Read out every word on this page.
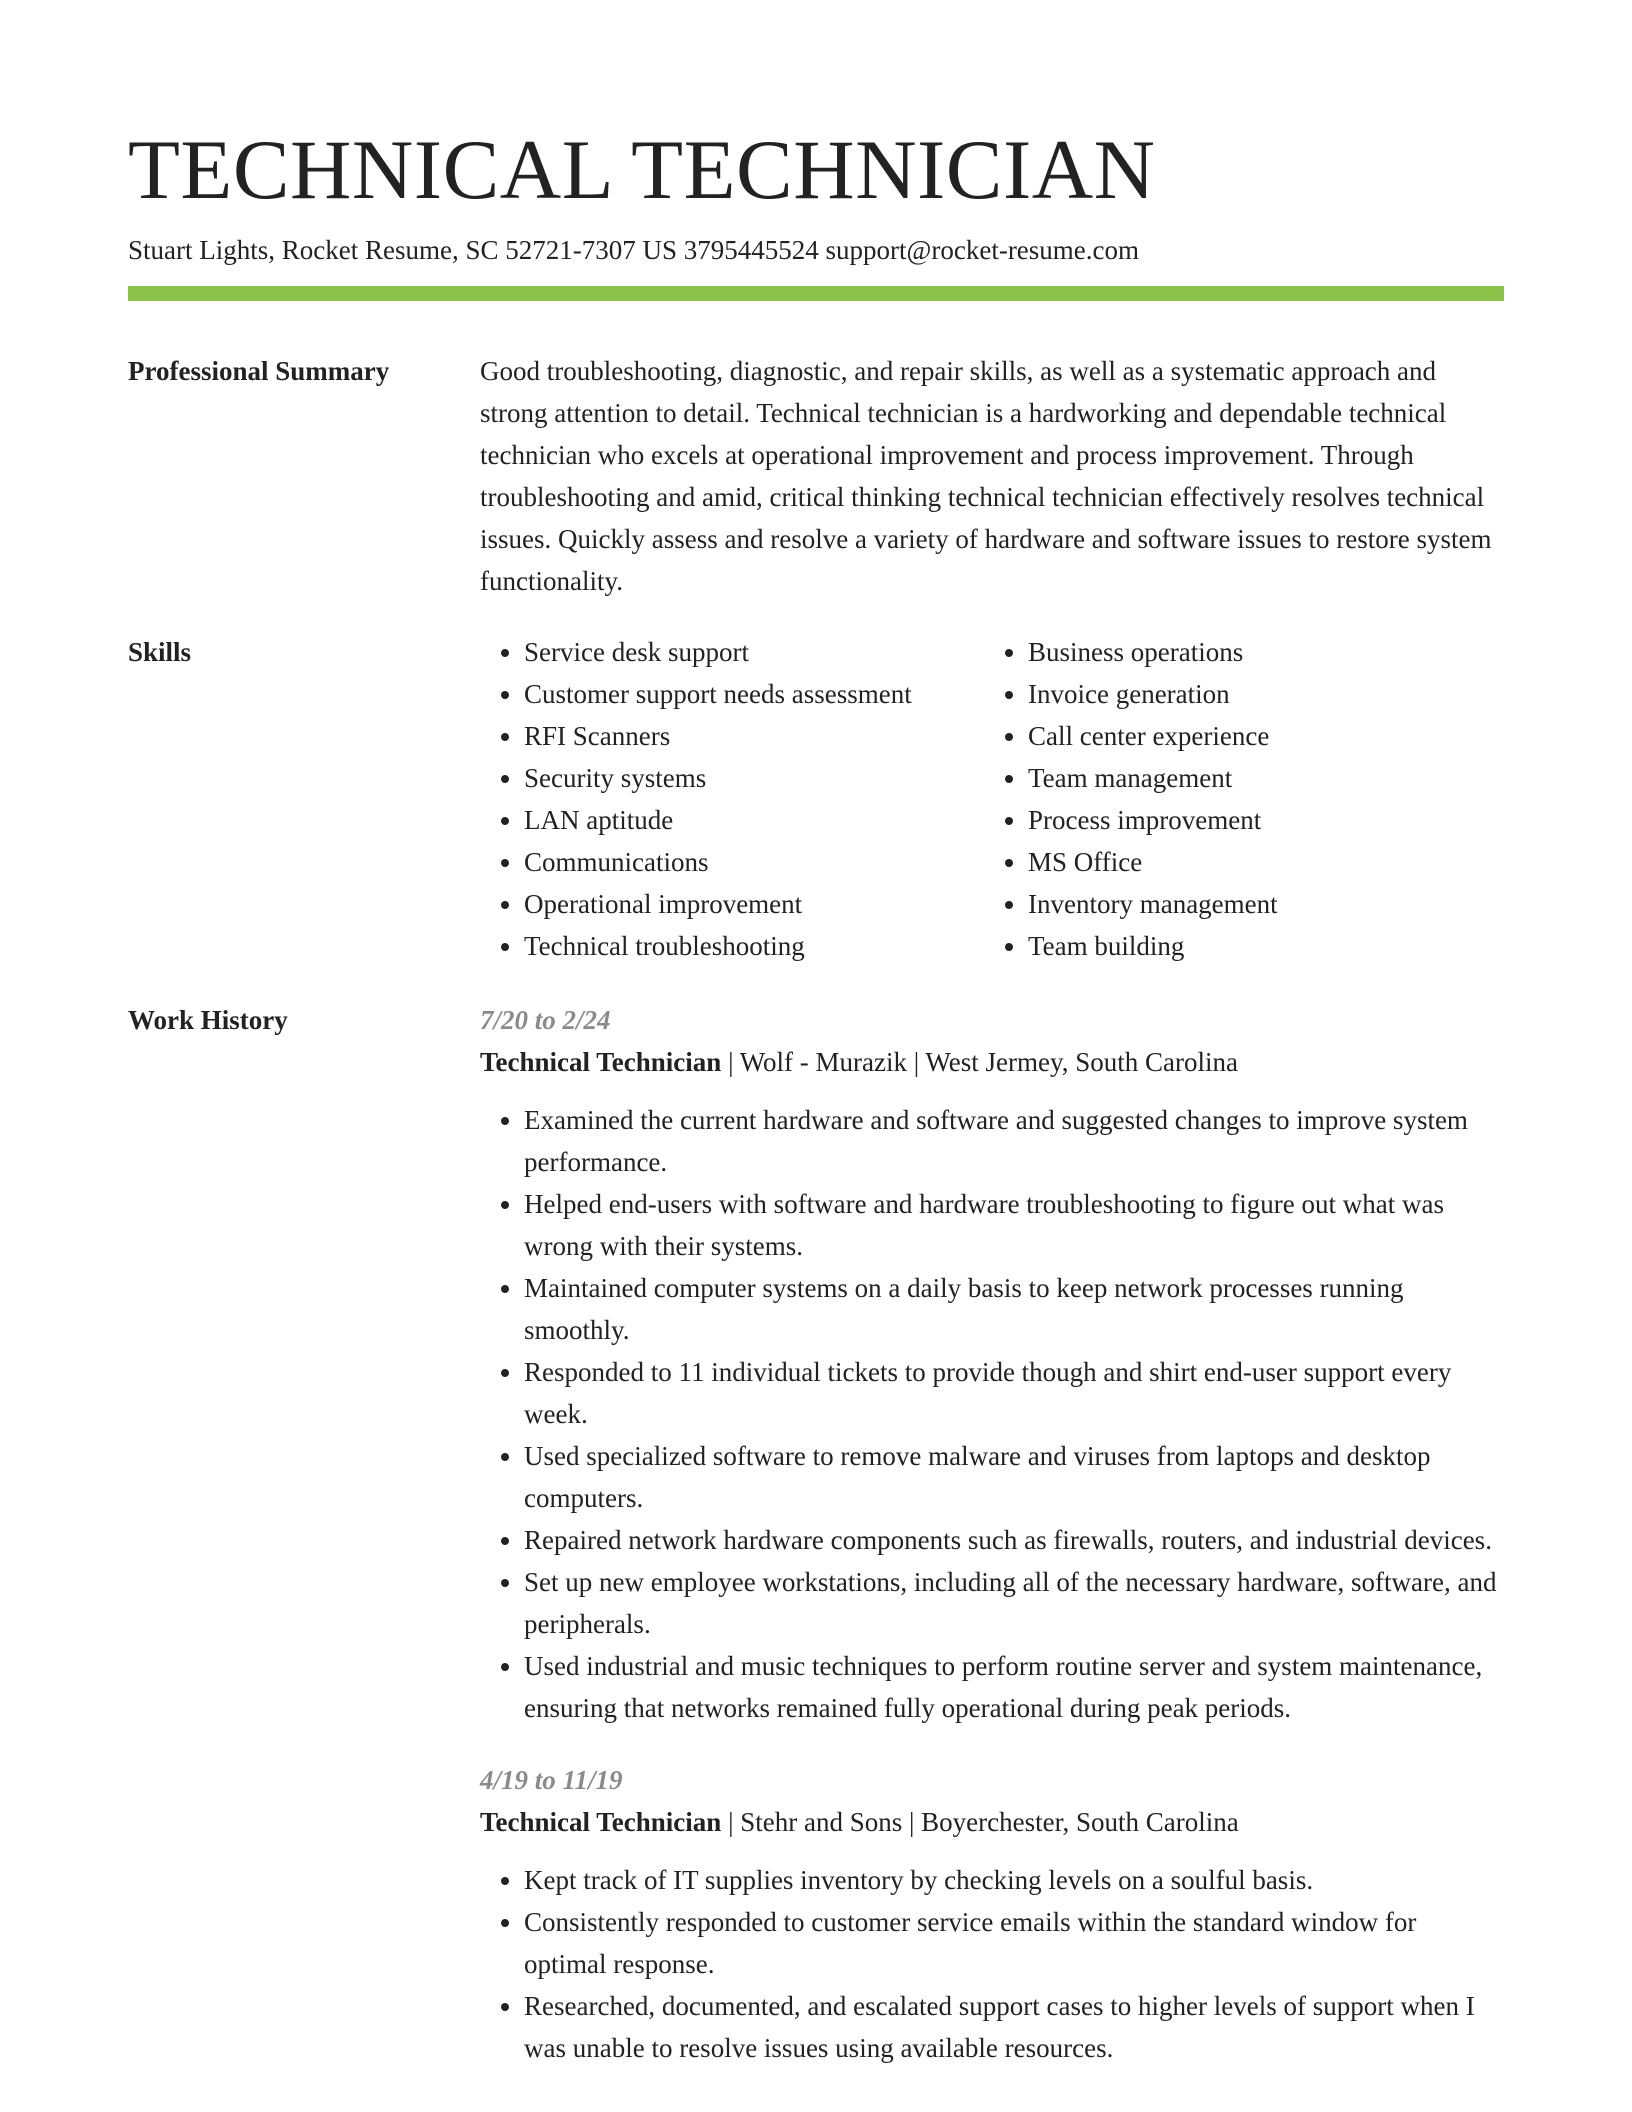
TECHNICAL TECHNICIAN
Stuart Lights, Rocket Resume, SC 52721-7307 US 3795445524 support@rocket-resume.com
Professional Summary	Good troubleshooting, diagnostic, and repair skills, as well as a systematic approach and strong attention to detail. Technical technician is a hardworking and dependable technical technician who excels at operational improvement and process improvement. Through troubleshooting and amid, critical thinking technical technician effectively resolves technical issues. Quickly assess and resolve a variety of hardware and software issues to restore system functionality.

Skills
•	Service desk support
• Customer support needs assessment
• RFI Scanners
• Security systems
• LAN aptitude
• Communications
• Operational improvement
• Technical troubleshooting
• Business operations
• Invoice generation
• Call center experience
• Team management
• Process improvement
• MS Office
• Inventory management
• Team building
Work History	7/20 to 2/24
Technical Technician | Wolf - Murazik | West Jermey, South Carolina
• Examined the current hardware and software and suggested changes to improve system performance.
• Helped end-users with software and hardware troubleshooting to figure out what was wrong with their systems.
• Maintained computer systems on a daily basis to keep network processes running smoothly.
• Responded to 11 individual tickets to provide though and shirt end-user support every week.
• Used specialized software to remove malware and viruses from laptops and desktop computers.
• Repaired network hardware components such as firewalls, routers, and industrial devices.
• Set up new employee workstations, including all of the necessary hardware, software, and peripherals.
• Used industrial and music techniques to perform routine server and system maintenance, ensuring that networks remained fully operational during peak periods.
4/19 to 11/19
Technical Technician | Stehr and Sons | Boyerchester, South Carolina
• Kept track of IT supplies inventory by checking levels on a soulful basis.
• Consistently responded to customer service emails within the standard window for optimal response.
• Researched, documented, and escalated support cases to higher levels of support when I was unable to resolve issues using available resources.
